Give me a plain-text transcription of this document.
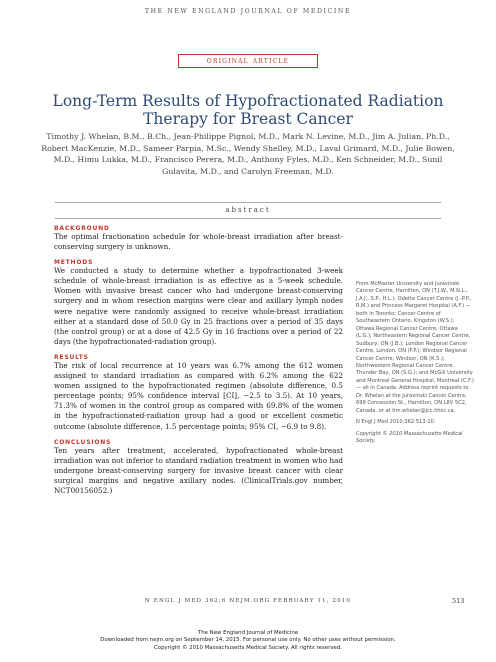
THE NEW ENGLAND JOURNAL OF MEDICINE
original article
Long-Term Results of Hypofractionated Radiation Therapy for Breast Cancer
Timothy J. Whelan, B.M., B.Ch., Jean-Philippe Pignol, M.D., Mark N. Levine, M.D., Jim A. Julian, Ph.D., Robert MacKenzie, M.D., Sameer Parpia, M.Sc., Wendy Shelley, M.D., Laval Grimard, M.D., Julie Bowen, M.D., Himu Lukka, M.D., Francisco Perera, M.D., Anthony Fyles, M.D., Ken Schneider, M.D., Sunil Gulavita, M.D., and Carolyn Freeman, M.D.
abstract

BACKGROUND

The optimal fractionation schedule for whole-breast irradiation after breast-conserving surgery is unknown.

METHODS

We conducted a study to determine whether a hypofractionated 3-week schedule of whole-breast irradiation is as effective as a 5-week schedule. Women with invasive breast cancer who had undergone breast-conserving surgery and in whom resection margins were clear and axillary lymph nodes were negative were randomly assigned to receive whole-breast irradiation either at a standard dose of 50.0 Gy in 25 fractions over a period of 35 days (the control group) or at a dose of 42.5 Gy in 16 fractions over a period of 22 days (the hypofractionated-radiation group).

RESULTS

The risk of local recurrence at 10 years was 6.7% among the 612 women assigned to standard irradiation as compared with 6.2% among the 622 women assigned to the hypofractionated regimen (absolute difference, 0.5 percentage points; 95% confidence interval [CI], −2.5 to 3.5). At 10 years, 71.3% of women in the control group as compared with 69.8% of the women in the hypofractionated-radiation group had a good or excellent cosmetic outcome (absolute difference, 1.5 percentage points; 95% CI, −6.9 to 9.8).

CONCLUSIONS

Ten years after treatment, accelerated, hypofractionated whole-breast irradiation was not inferior to standard radiation treatment in women who had undergone breast-conserving surgery for invasive breast cancer with clear surgical margins and negative axillary nodes. (ClinicalTrials.gov number, NCT00156052.)

From McMaster University and Juravinski Cancer Centre, Hamilton, ON (T.J.W., M.N.L., J.A.J., S.P., H.L.); Odette Cancer Centre (J.-P.P., R.M.) and Princess Margaret Hospital (A.F.) — both in Toronto; Cancer Centre of Southeastern Ontario, Kingston (W.S.); Ottawa Regional Cancer Centre, Ottawa (L.G.); Northeastern Regional Cancer Centre, Sudbury, ON (J.B.); London Regional Cancer Centre, London, ON (F.P.); Windsor Regional Cancer Centre, Windsor, ON (K.S.); Northwestern Regional Cancer Centre, Thunder Bay, ON (S.G.); and McGill University and Montreal General Hospital, Montreal (C.F.) — all in Canada. Address reprint requests to Dr. Whelan at the Juravinski Cancer Centre, 699 Concession St., Hamilton, ON L8V 5C2, Canada, or at tim.whelan@jcc.hhsc.ca.

N Engl J Med 2010;362:513-20.

Copyright © 2010 Massachusetts Medical Society.

N ENGL J MED 362;6 NEJM.ORG FEBRUARY 11, 2010	513
The New England Journal of Medicine
Downloaded from nejm.org on September 14, 2015. For personal use only. No other uses without permission.
Copyright © 2010 Massachusetts Medical Society. All rights reserved.
